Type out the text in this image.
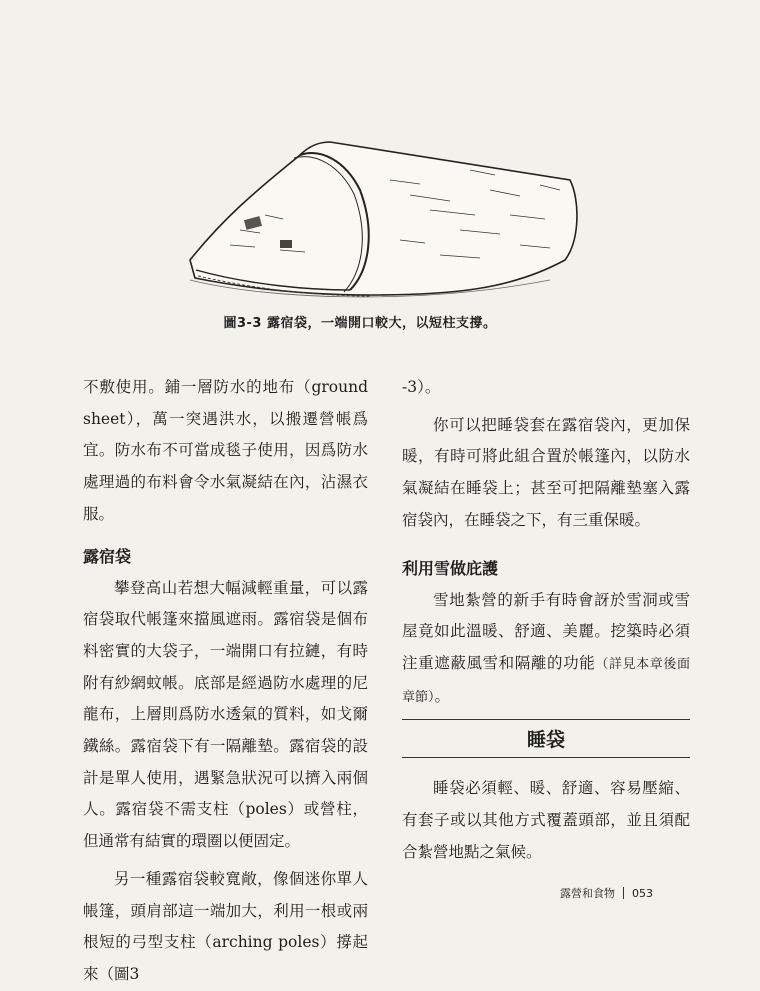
圖3-3 露宿袋，一端開口較大，以短柱支撐。

不敷使用。鋪一層防水的地布（ground sheet），萬一突遇洪水，以搬遷營帳爲宜。防水布不可當成毯子使用，因爲防水處理過的布料會令水氣凝結在內，沾濕衣服。

露宿袋

攀登高山若想大幅減輕重量，可以露宿袋取代帳篷來擋風遮雨。露宿袋是個布料密實的大袋子，一端開口有拉鏈，有時附有紗網蚊帳。底部是經過防水處理的尼龍布，上層則爲防水透氣的質料，如戈爾鐵絲。露宿袋下有一隔離墊。露宿袋的設計是單人使用，遇緊急狀況可以擠入兩個人。露宿袋不需支柱（poles）或營柱，但通常有結實的環圈以便固定。

另一種露宿袋較寬敞，像個迷你單人帳篷，頭肩部這一端加大，利用一根或兩根短的弓型支柱（arching poles）撐起來（圖3

-3）。

你可以把睡袋套在露宿袋內，更加保暖，有時可將此組合置於帳篷內，以防水氣凝結在睡袋上；甚至可把隔離墊塞入露宿袋內，在睡袋之下，有三重保暖。

利用雪做庇護

雪地紮營的新手有時會訝於雪洞或雪屋竟如此溫暖、舒適、美麗。挖築時必須注重遮蔽風雪和隔離的功能（詳見本章後面章節）。

睡袋

睡袋必須輕、暖、舒適、容易壓縮、有套子或以其他方式覆蓋頭部，並且須配合紮營地點之氣候。

露營和食物 053
